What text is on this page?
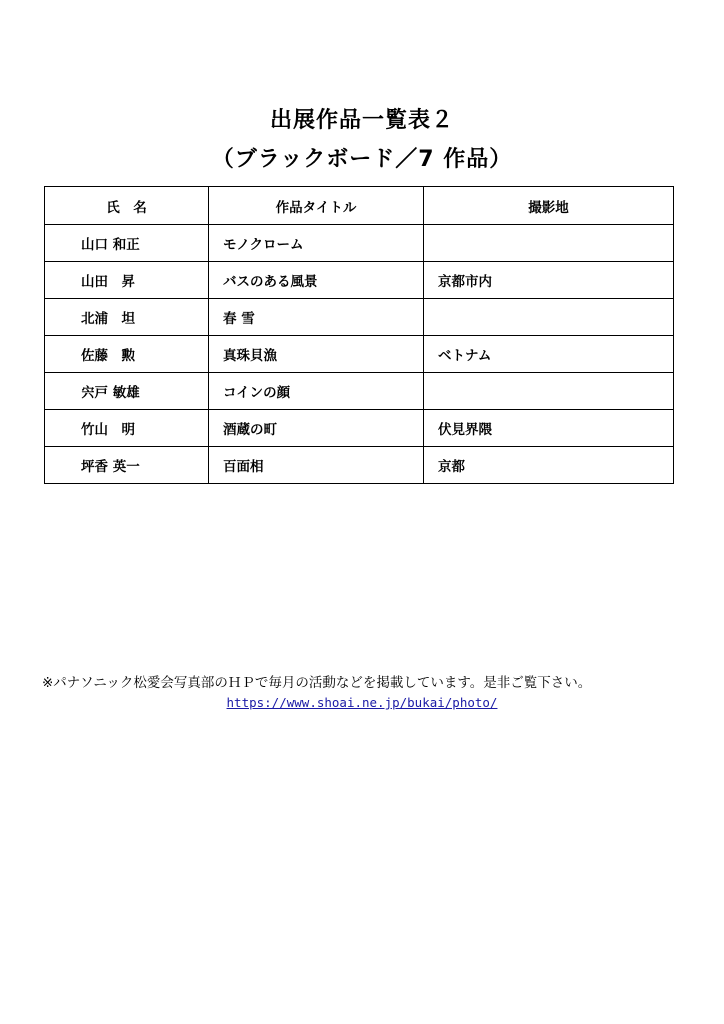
出展作品一覧表２
（ブラックボード／7 作品）
氏　名	作品タイトル	撮影地
山口 和正	モノクローム	
山田　昇	バスのある風景	京都市内
北浦　坦	春 雪	
佐藤　勲	真珠貝漁	ベトナム
宍戸 敏雄	コインの顔	
竹山　明	酒蔵の町	伏見界隈
坪香 英一	百面相	京都
※パナソニック松愛会写真部のＨＰで毎月の活動などを掲載しています。是非ご覧下さい。
https://www.shoai.ne.jp/bukai/photo/
